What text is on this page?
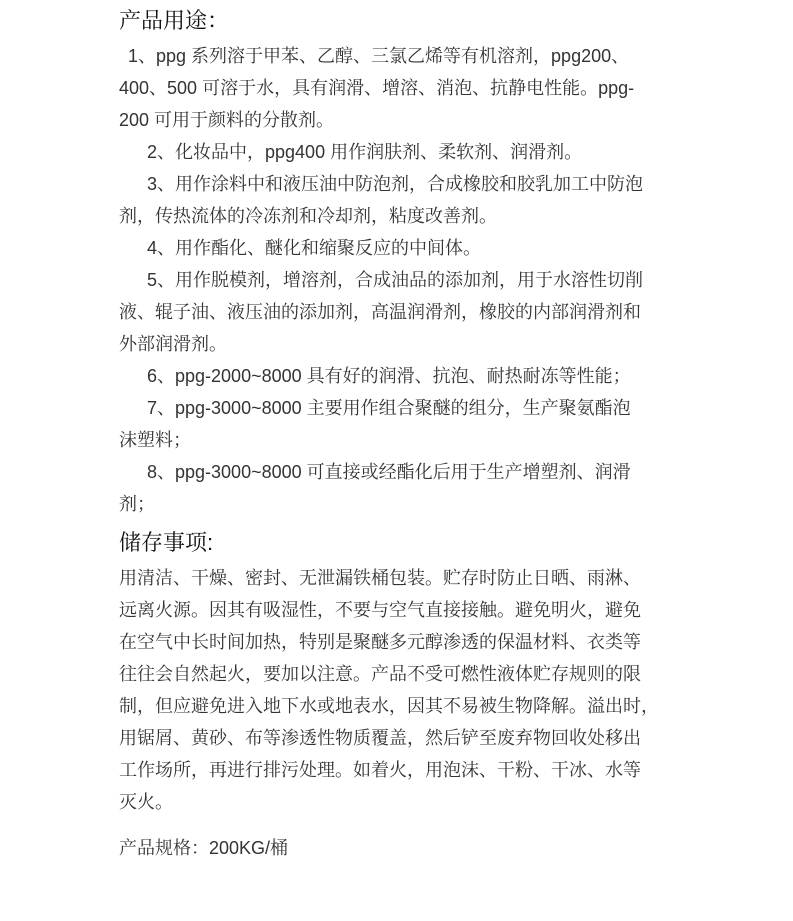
产品用途：
1、ppg 系列溶于甲苯、乙醇、三氯乙烯等有机溶剂，ppg200、
400、500 可溶于水，具有润滑、增溶、消泡、抗静电性能。ppg-
200 可用于颜料的分散剂。
2、化妆品中，ppg400 用作润肤剂、柔软剂、润滑剂。
3、用作涂料中和液压油中防泡剂，合成橡胶和胶乳加工中防泡
剂，传热流体的冷冻剂和冷却剂，粘度改善剂。
4、用作酯化、醚化和缩聚反应的中间体。
5、用作脱模剂，增溶剂，合成油品的添加剂，用于水溶性切削
液、辊子油、液压油的添加剂，高温润滑剂，橡胶的内部润滑剂和
外部润滑剂。
6、ppg-2000~8000 具有好的润滑、抗泡、耐热耐冻等性能；
7、ppg-3000~8000 主要用作组合聚醚的组分，生产聚氨酯泡
沫塑料；
8、ppg-3000~8000 可直接或经酯化后用于生产增塑剂、润滑
剂；
储存事项:
用清洁、干燥、密封、无泄漏铁桶包装。贮存时防止日晒、雨淋、
远离火源。因其有吸湿性，不要与空气直接接触。避免明火，避免
在空气中长时间加热，特别是聚醚多元醇渗透的保温材料、衣类等
往往会自然起火，要加以注意。产品不受可燃性液体贮存规则的限
制，但应避免进入地下水或地表水，因其不易被生物降解。溢出时，
用锯屑、黄砂、布等渗透性物质覆盖，然后铲至废弃物回收处移出
工作场所，再进行排污处理。如着火，用泡沫、干粉、干冰、水等
灭火。
产品规格：200KG/桶
